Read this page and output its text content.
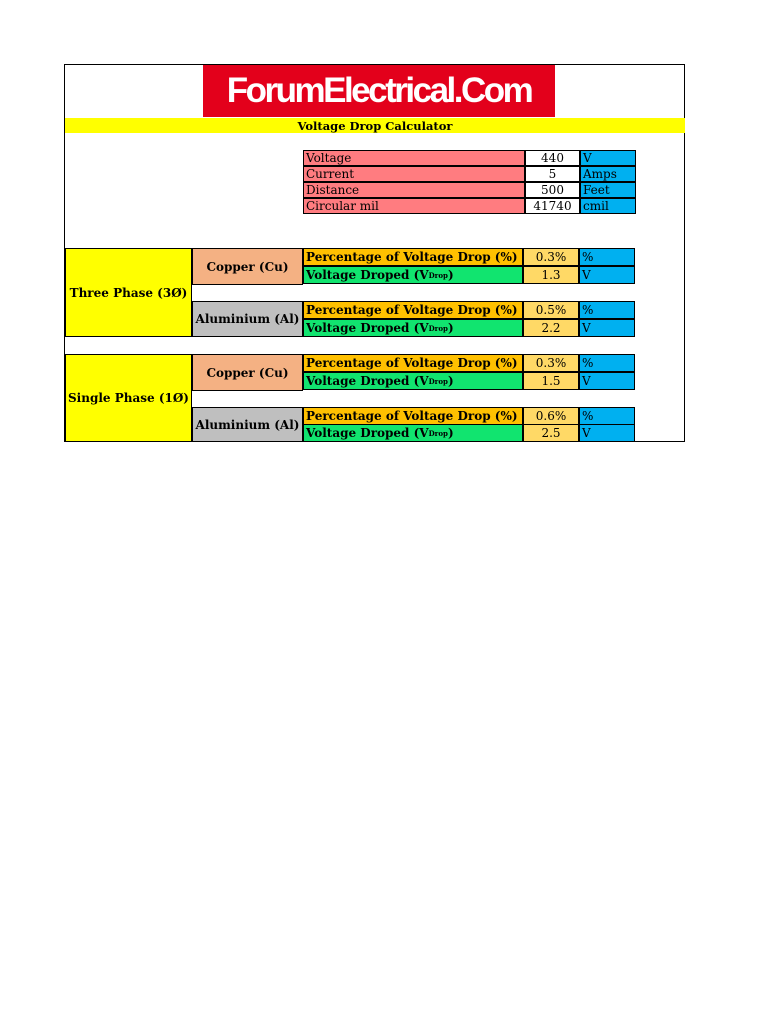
ForumElectrical.Com
Voltage Drop Calculator
Voltage	440	V
Current	5	Amps
Distance	500	Feet
Circular mil	41740 cmil
Three Phase (3Ø)
Copper (Cu)
Aluminium (Al)
Percentage of Voltage Drop (%)	0.3%	%
Voltage Droped (V Drop )	1.3	V
Percentage of Voltage Drop (%)	0.5%	%
Voltage Droped (V Drop )	2.2	V
Single Phase (1Ø)
Copper (Cu)
Aluminium (Al)
Percentage of Voltage Drop (%)	0.3%	%
Voltage Droped (V Drop )	1.5	V
Percentage of Voltage Drop (%)	0.6%	%
Voltage Droped (V Drop )	2.5	V
